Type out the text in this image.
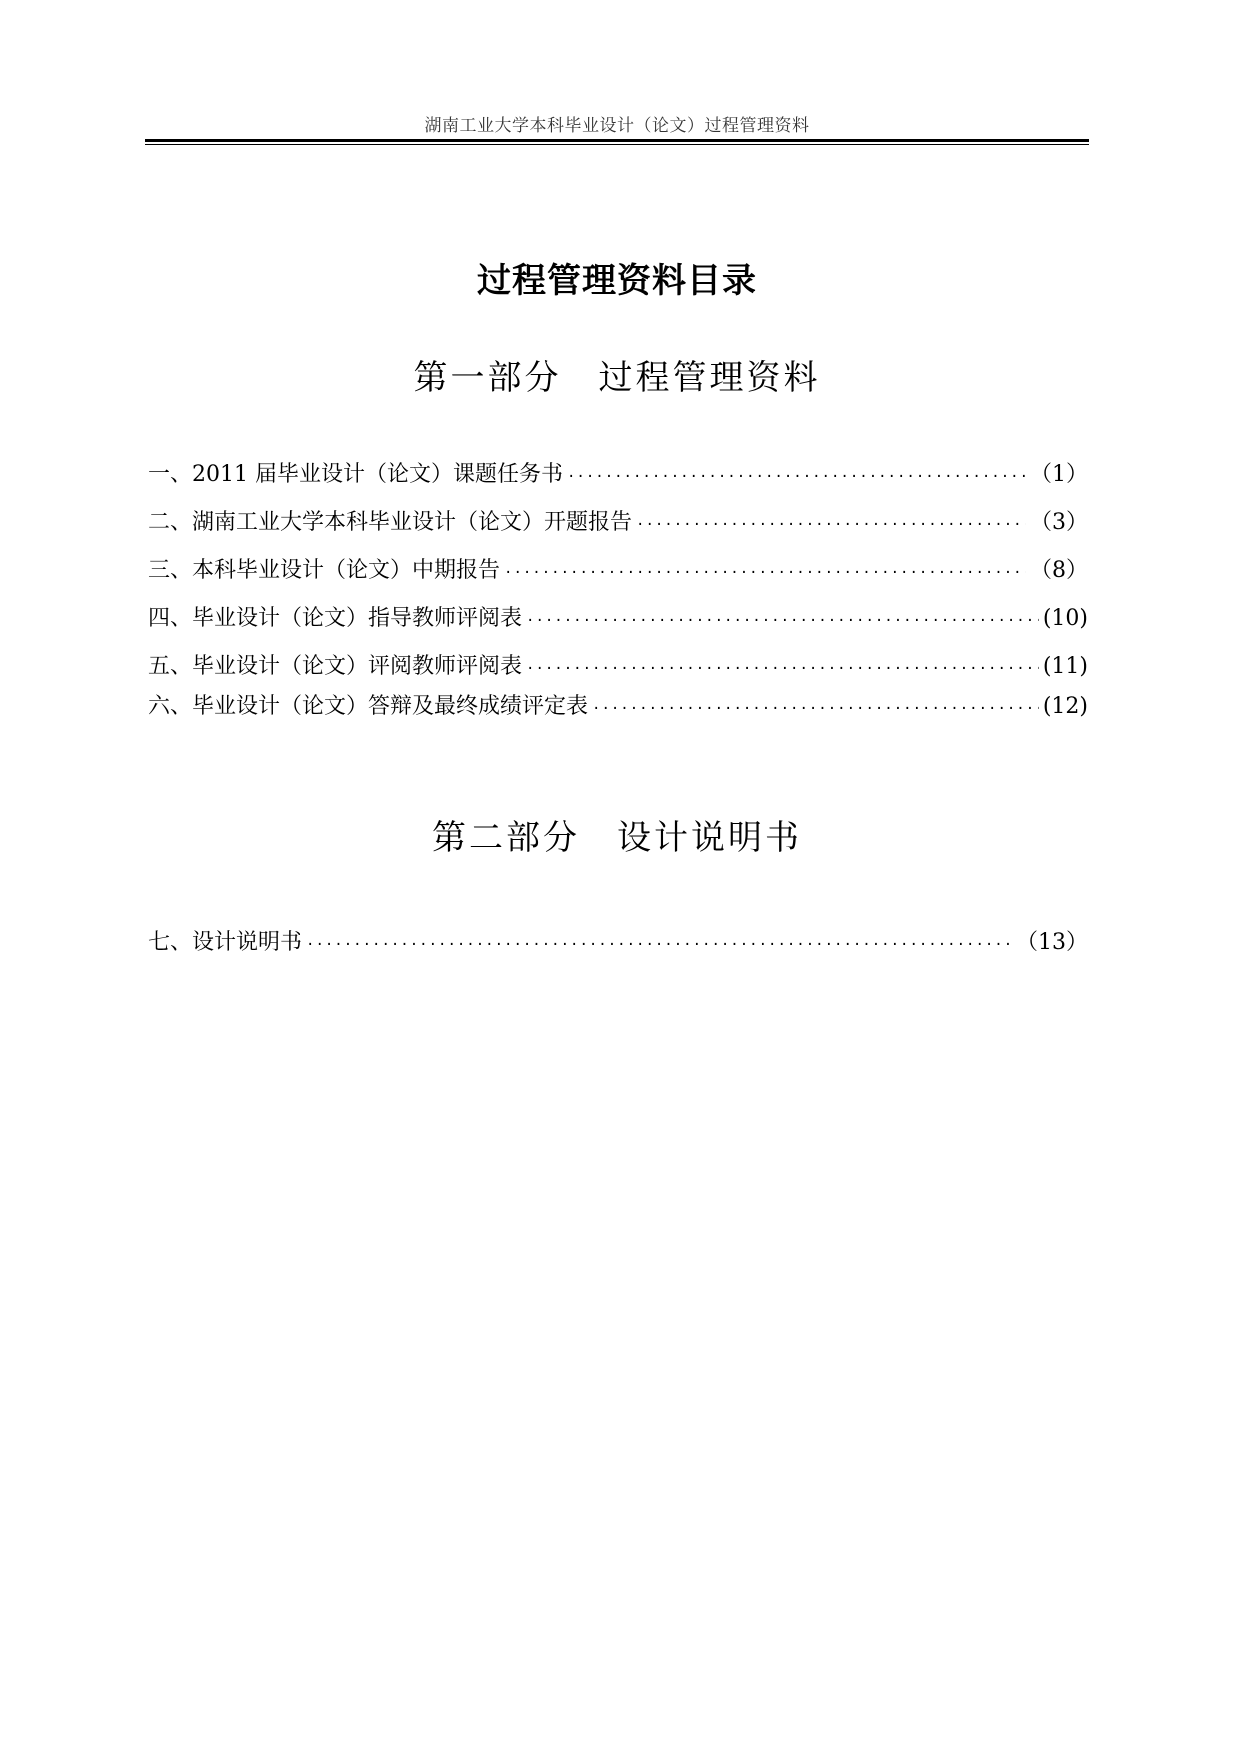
湖南工业大学本科毕业设计（论文）过程管理资料
过程管理资料目录
第一部分　过程管理资料
一、2011 届毕业设计（论文）课题任务书 ·····	（1）
二、湖南工业大学本科毕业设计（论文）开题报告 ·····	（3）
三、本科毕业设计（论文）中期报告 ·····	（8）
四、毕业设计（论文）指导教师评阅表 ·····	(10)
五、毕业设计（论文）评阅教师评阅表 ·····	(11)
六、毕业设计（论文）答辩及最终成绩评定表 ·····	(12)
第二部分　设计说明书
七、设计说明书 ·····	（13）
